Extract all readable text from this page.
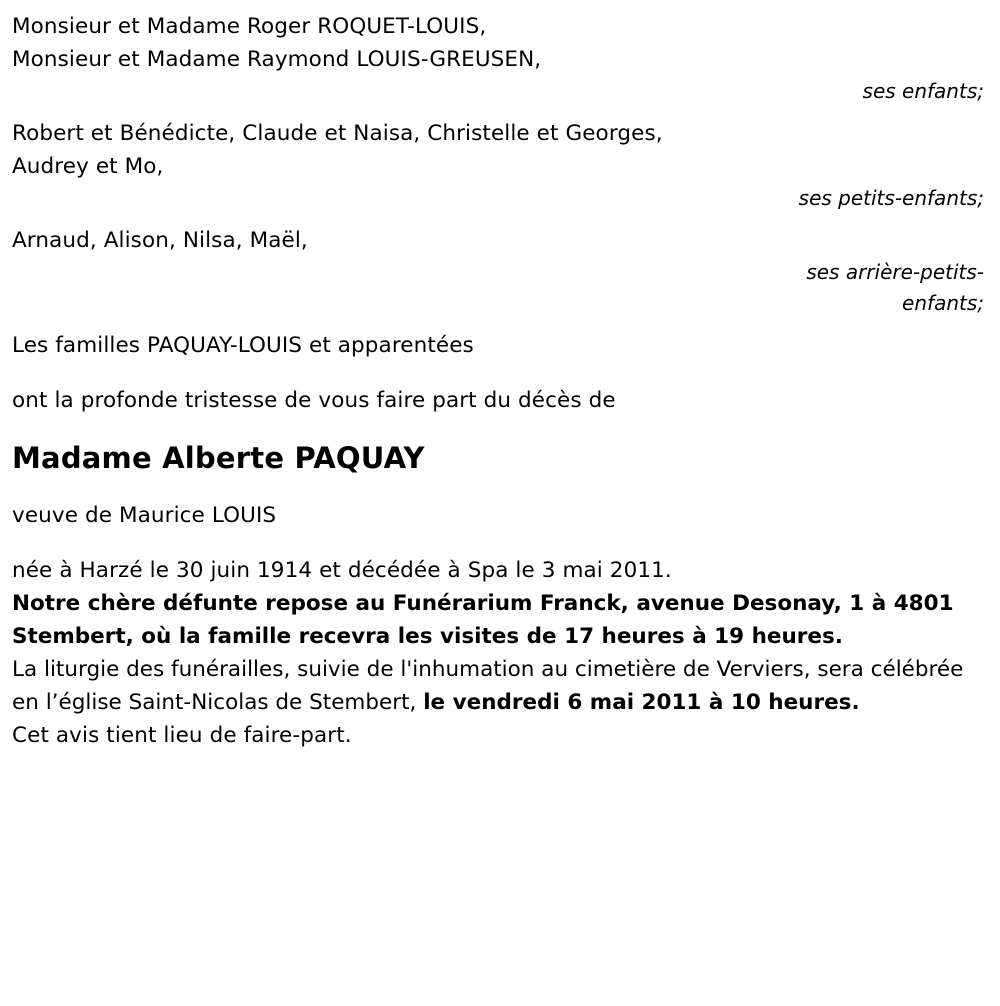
Monsieur et Madame Roger ROQUET-LOUIS,
Monsieur et Madame Raymond LOUIS-GREUSEN,
ses enfants;
Robert et Bénédicte, Claude et Naisa, Christelle et Georges,
Audrey et Mo,
ses petits-enfants;
Arnaud, Alison, Nilsa, Maël,
ses arrière-petits-
enfants;
Les familles PAQUAY-LOUIS et apparentées
ont la profonde tristesse de vous faire part du décès de
Madame Alberte PAQUAY
veuve de Maurice LOUIS
née à Harzé le 30 juin 1914 et décédée à Spa le 3 mai 2011.
Notre chère défunte repose au Funérarium Franck, avenue Desonay, 1 à 4801 Stembert, où la famille recevra les visites de 17 heures à 19 heures.

La liturgie des funérailles, suivie de l'inhumation au cimetière de Verviers, sera célébrée en l’église Saint-Nicolas de Stembert, le vendredi 6 mai 2011 à 10 heures.

Cet avis tient lieu de faire-part.
